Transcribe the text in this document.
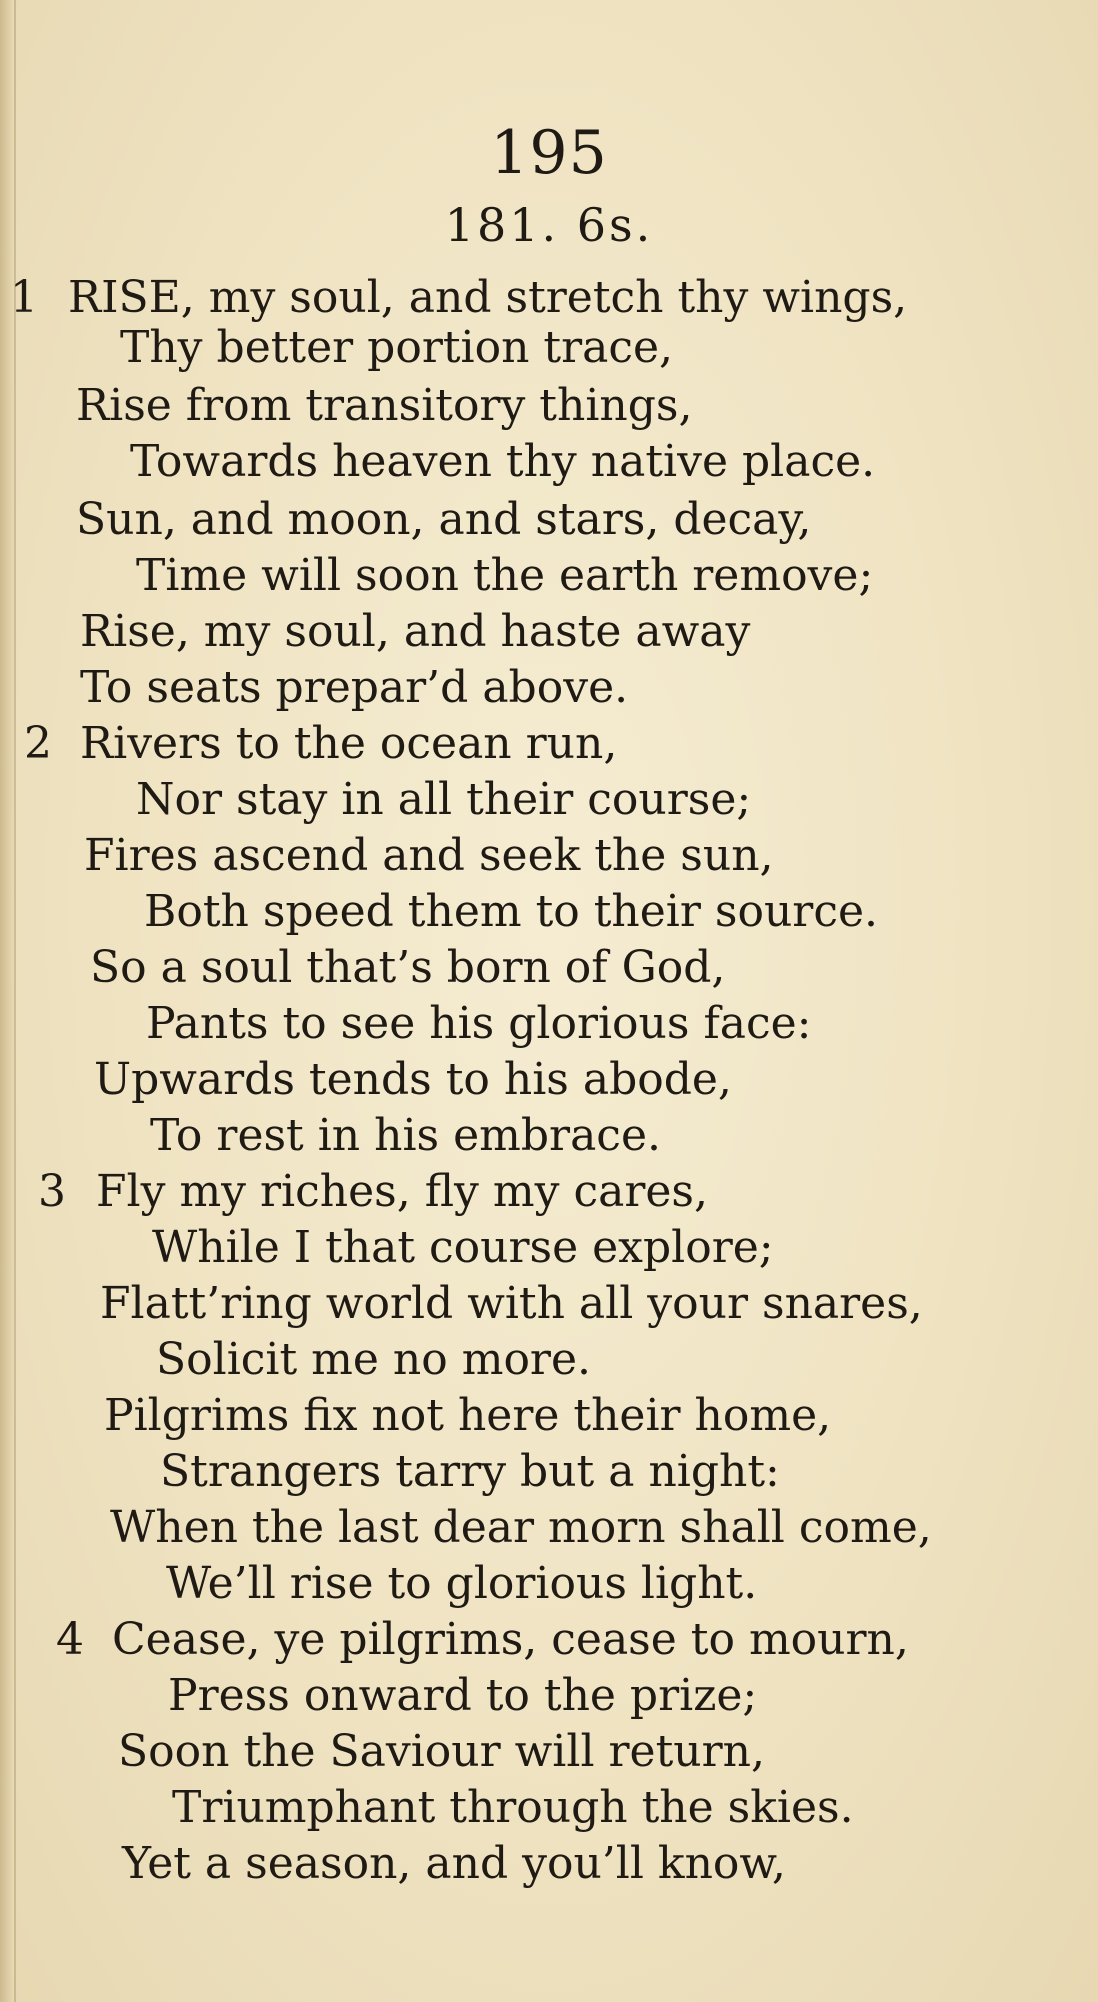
195
181. 6s.
1 RISE, my soul, and stretch thy wings,
Thy better portion trace,
Rise from transitory things,
Towards heaven thy native place.
Sun, and moon, and stars, decay,
Time will soon the earth remove;
Rise, my soul, and haste away
To seats prepar’d above.
2 Rivers to the ocean run,
Nor stay in all their course;
Fires ascend and seek the sun,
Both speed them to their source.
So a soul that’s born of God,
Pants to see his glorious face:
Upwards tends to his abode,
To rest in his embrace.
3 Fly my riches, fly my cares,
While I that course explore;
Flatt’ring world with all your snares,
Solicit me no more.
Pilgrims fix not here their home,
Strangers tarry but a night:
When the last dear morn shall come,
We’ll rise to glorious light.
4 Cease, ye pilgrims, cease to mourn,
Press onward to the prize;
Soon the Saviour will return,
Triumphant through the skies.
Yet a season, and you’ll know,
